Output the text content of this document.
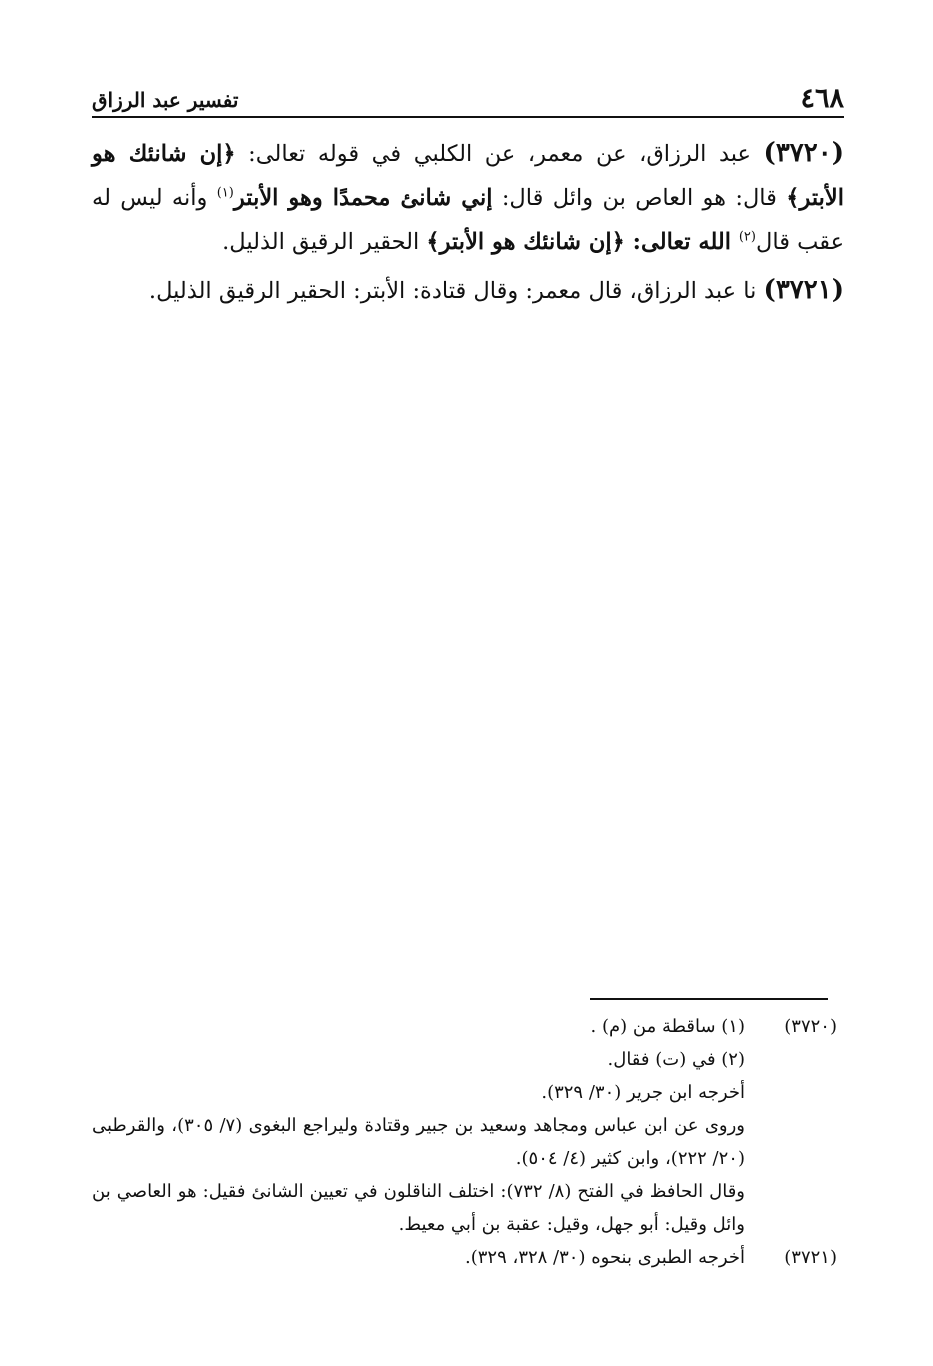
٤٦٨
تفسير عبد الرزاق

(٣٧٢٠) عبد الرزاق، عن معمر، عن الكلبي في قوله تعالى: ﴿إن شانئك هو الأبتر﴾ قال: هو العاص بن وائل قال: إني شانئ محمدًا وهو الأبتر$^{(١)}$ وأنه ليس له عقب قال$^{(٢)}$ الله تعالى: ﴿إن شانئك هو الأبتر﴾ الحقير الرقيق الذليل.

(٣٧٢١) نا عبد الرزاق، قال معمر: وقال قتادة: الأبتر: الحقير الرقيق الذليل.

(٣٧٢٠)
(١) ساقطة من (م) .
(٢) في (ت) فقال.
أخرجه ابن جرير (٣٠/ ٣٢٩).
وروى عن ابن عباس ومجاهد وسعيد بن جبير وقتادة وليراجع البغوى (٧/ ٣٠٥)، والقرطبى (٢٠/ ٢٢٢)، وابن كثير (٤/ ٥٠٤).
وقال الحافظ في الفتح (٨/ ٧٣٢): اختلف الناقلون في تعيين الشانئ فقيل: هو العاصي بن وائل وقيل: أبو جهل، وقيل: عقبة بن أبي معيط.
(٣٧٢١)
أخرجه الطبرى بنحوه (٣٠/ ٣٢٨، ٣٢٩).
